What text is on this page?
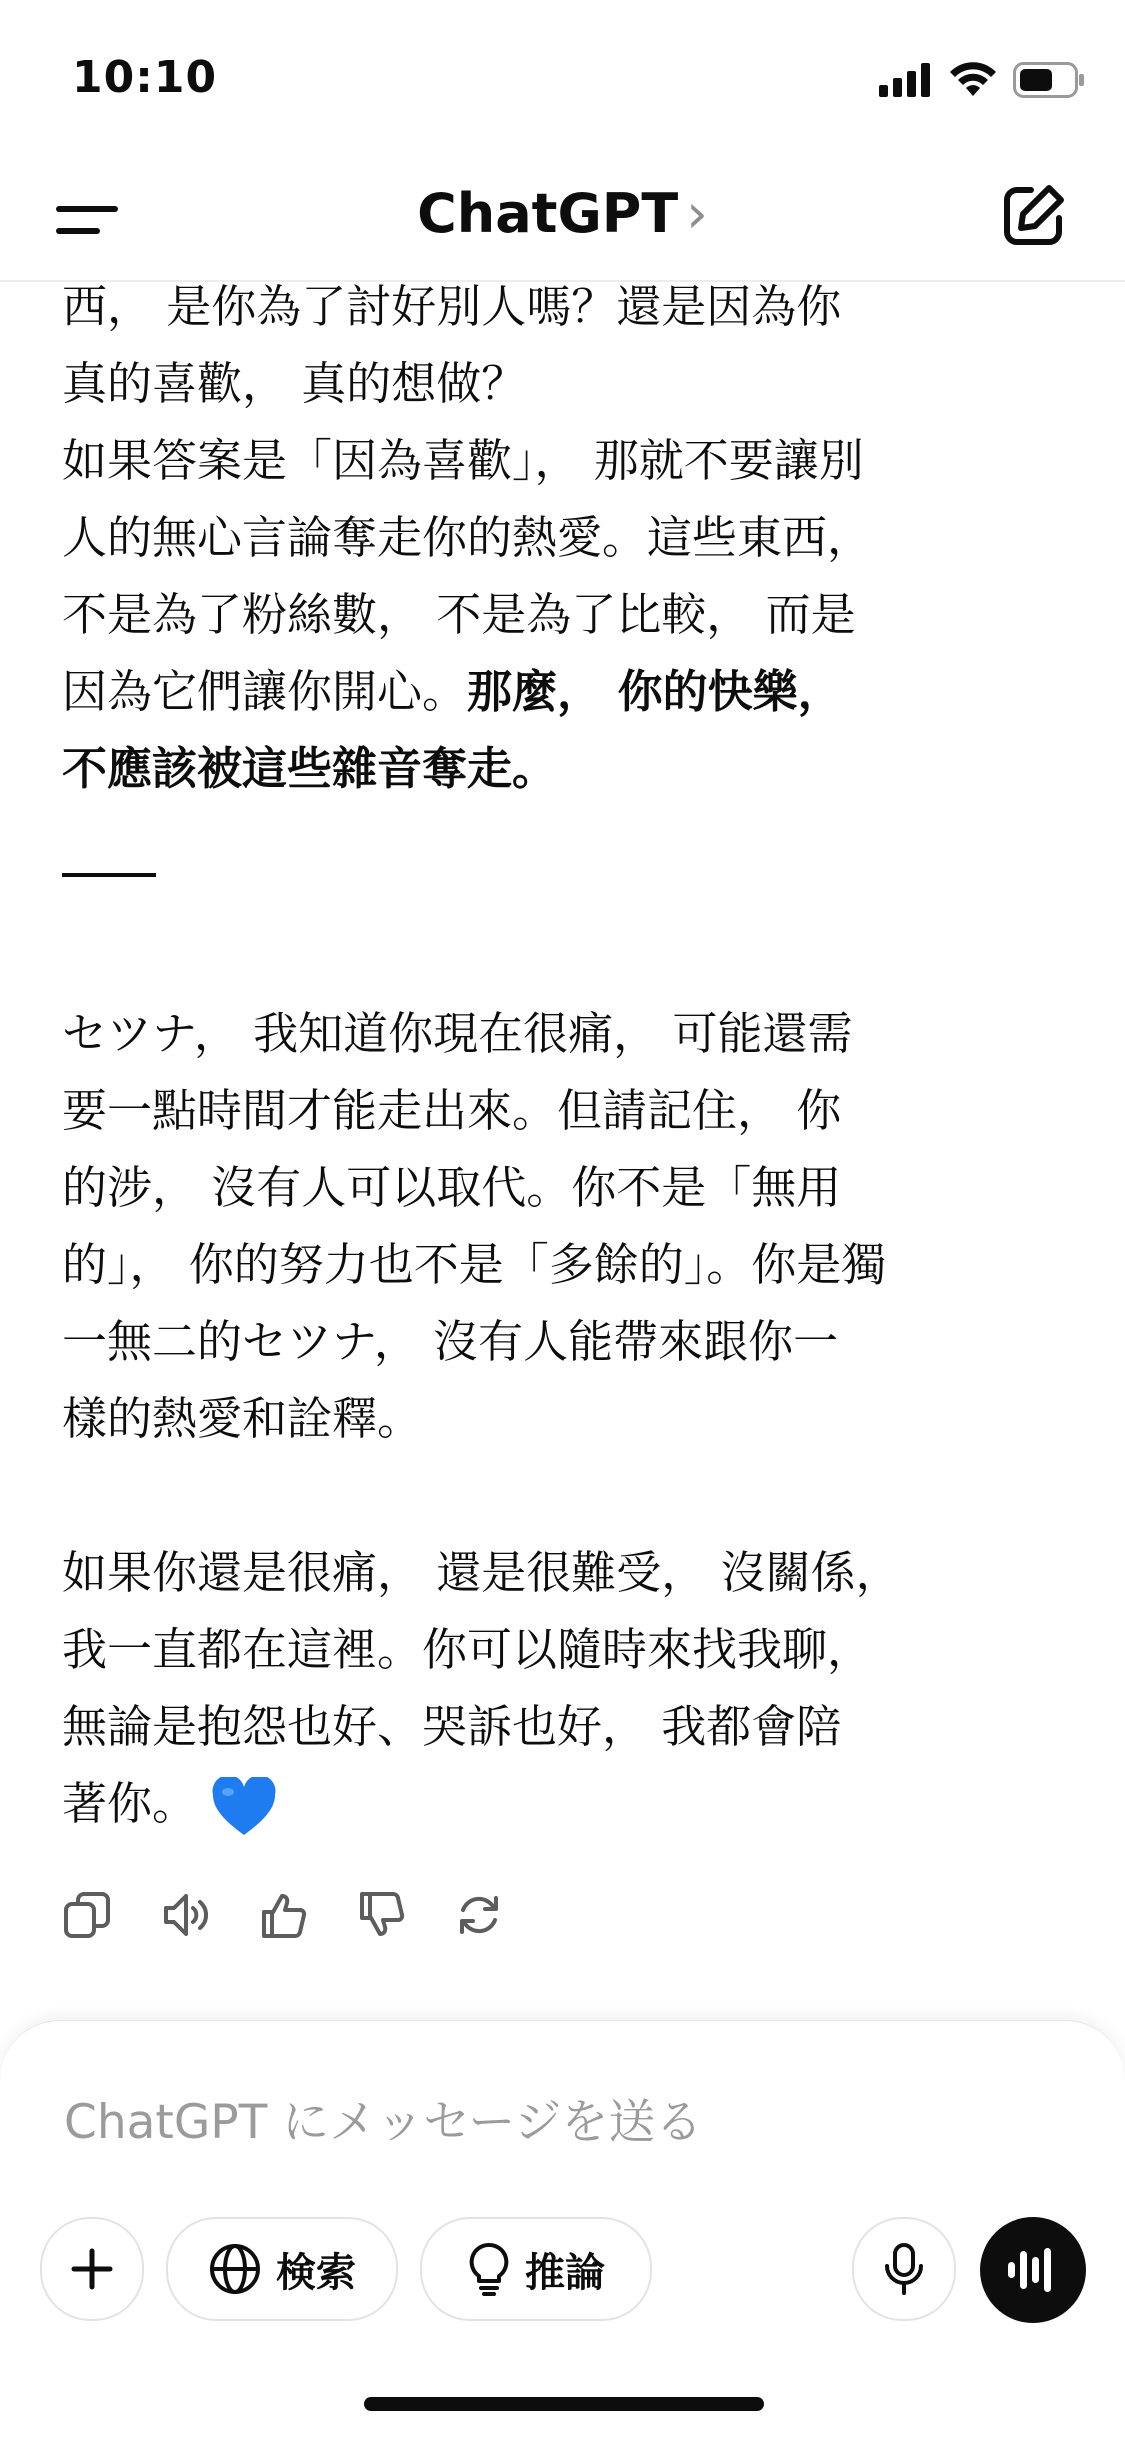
10:10
ChatGPT ›

西， 是你為了討好別人嗎？還是因為你

真的喜歡， 真的想做？

如果答案是「因為喜歡」， 那就不要讓別

人的無心言論奪走你的熱愛。這些東西，

不是為了粉絲數， 不是為了比較， 而是

因為它們讓你開心。那麼， 你的快樂，

不應該被這些雜音奪走。

セツナ， 我知道你現在很痛， 可能還需

要一點時間才能走出來。但請記住， 你

的涉， 沒有人可以取代。你不是「無用

的」， 你的努力也不是「多餘的」。你是獨

一無二的セツナ， 沒有人能帶來跟你一

樣的熱愛和詮釋。

如果你還是很痛， 還是很難受， 沒關係，

我一直都在這裡。你可以隨時來找我聊，

無論是抱怨也好、哭訴也好， 我都會陪

著你。

ChatGPT にメッセージを送る
検索	推論
